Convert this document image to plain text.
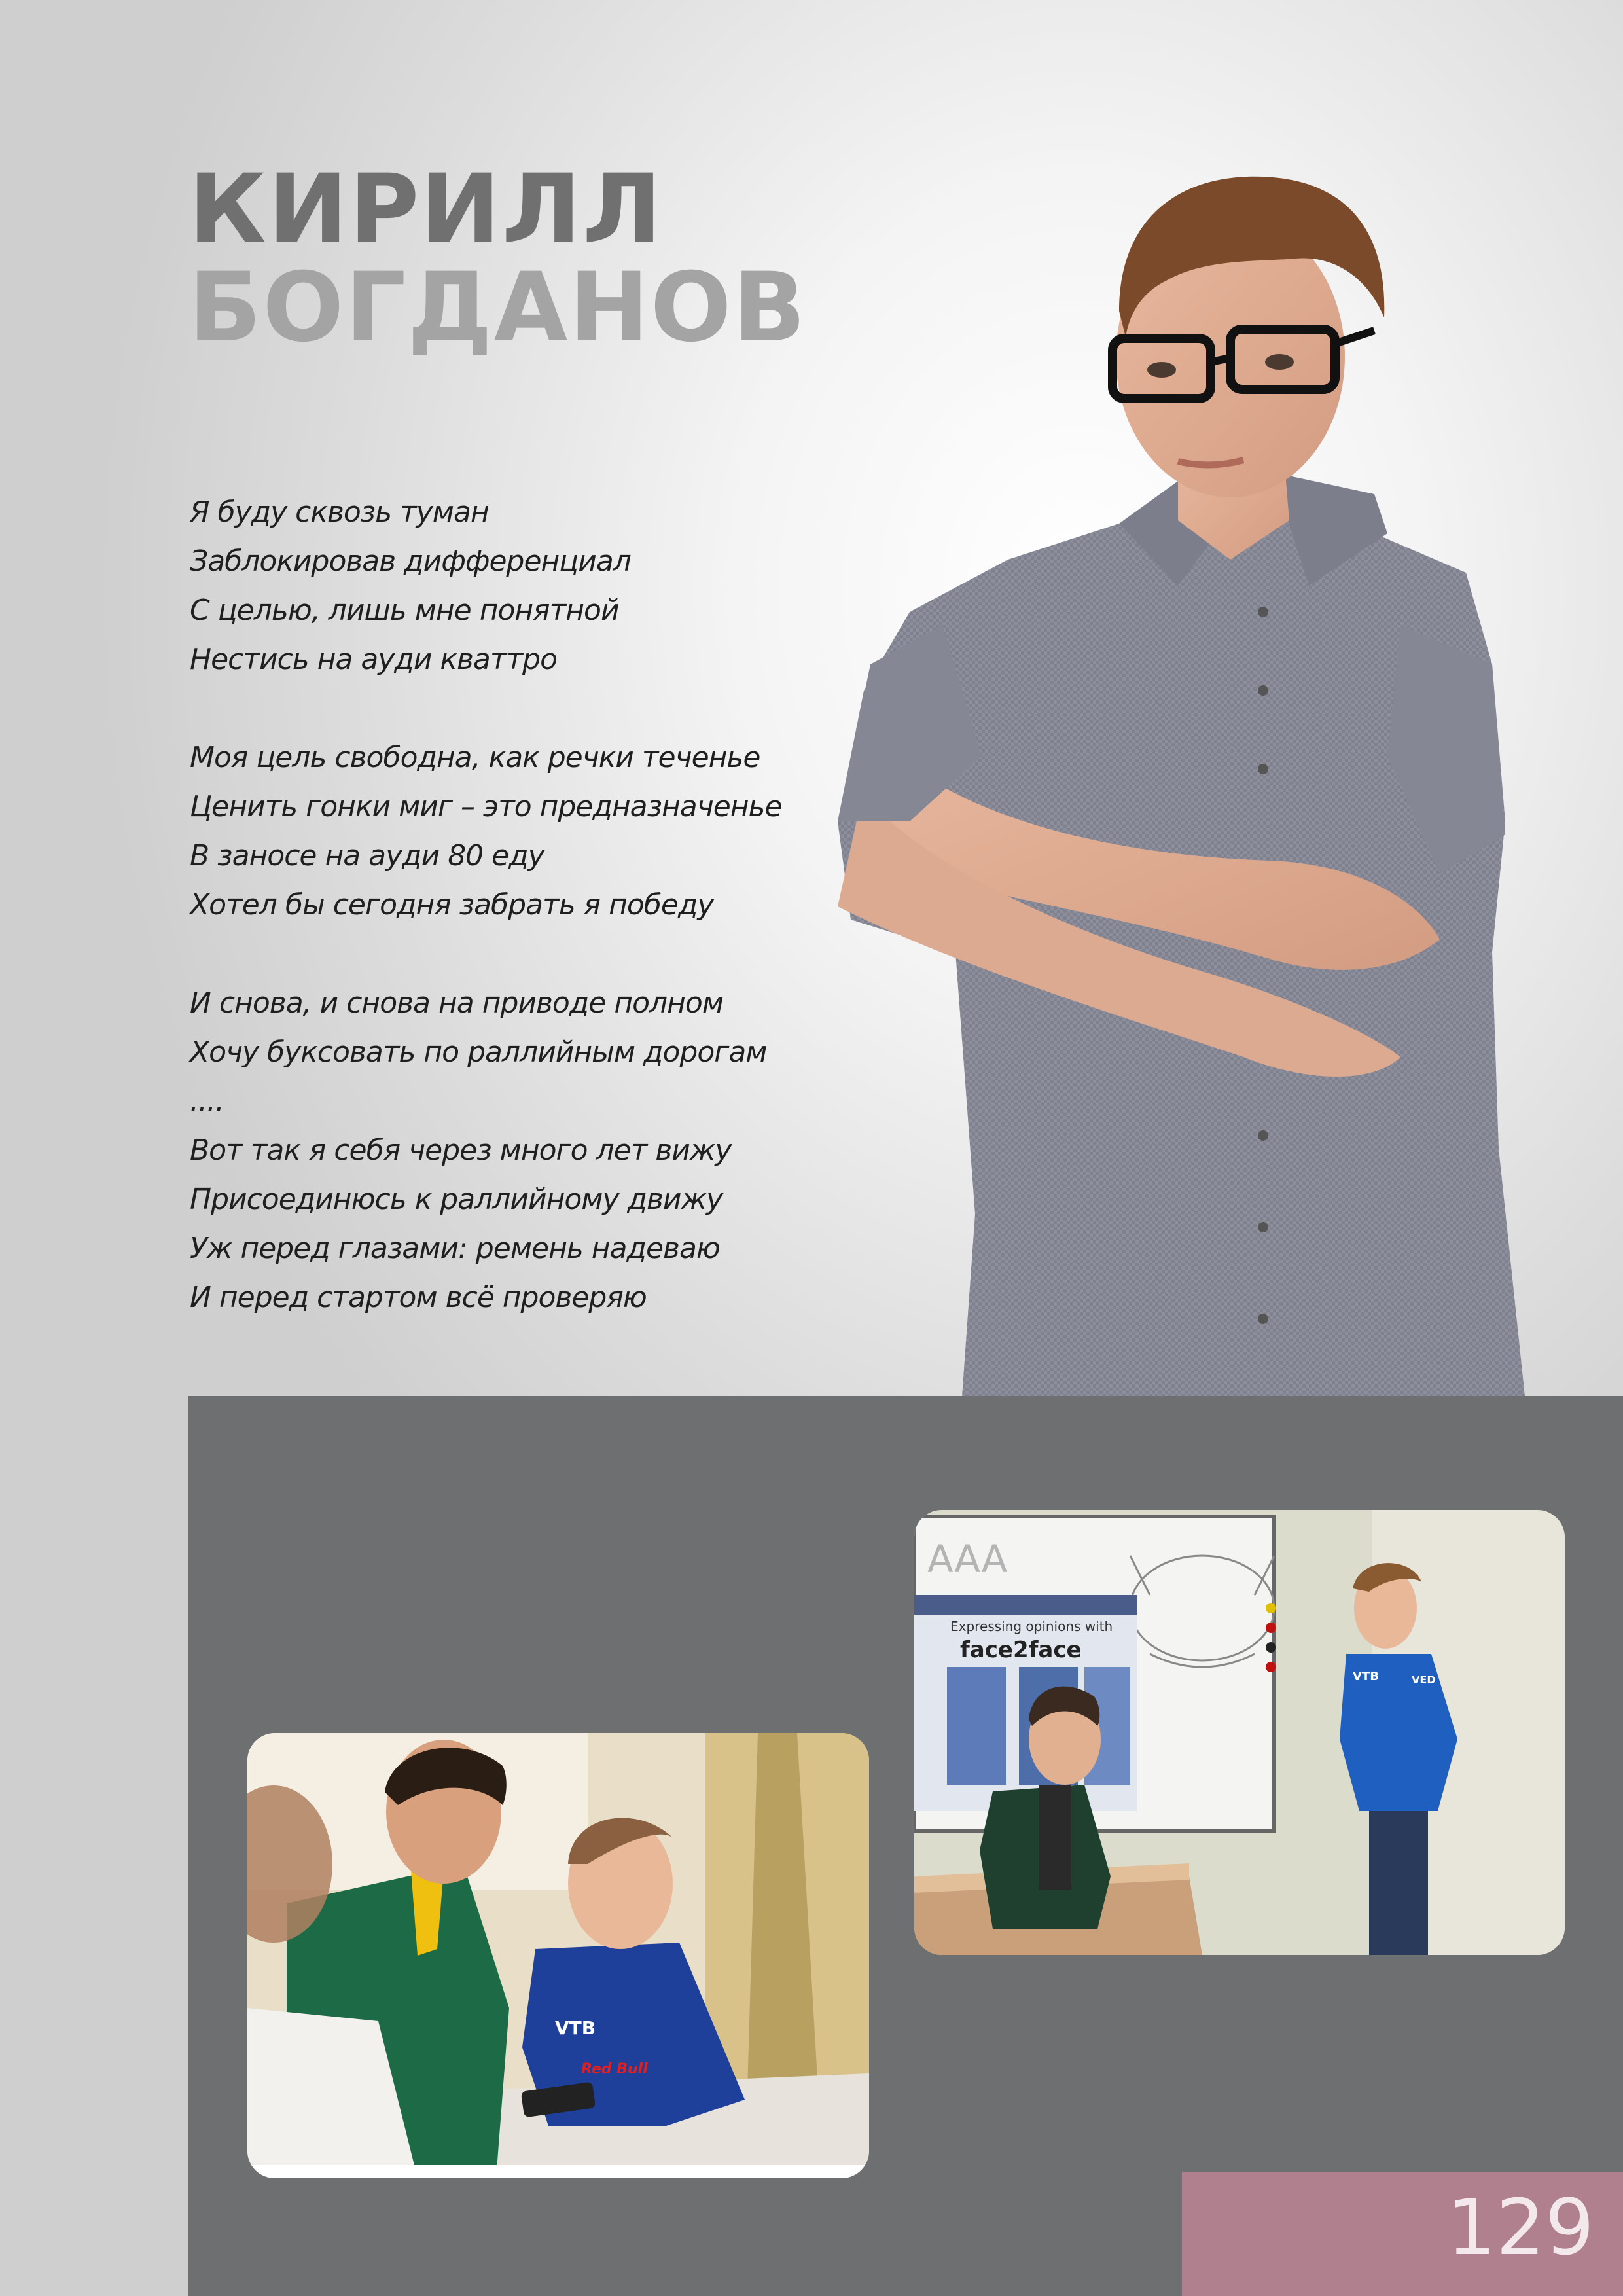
КИРИЛЛ
БОГДАНОВ
Я буду сквозь туман
Заблокировав дифференциал
С целью, лишь мне понятной
Нестись на ауди кваттро
Моя цель свободна, как речки теченье
Ценить гонки миг – это предназначенье
В заносе на ауди 80 еду
Хотел бы сегодня забрать я победу
И снова, и снова на приводе полном
Хочу буксовать по раллийным дорогам
....
Вот так я себя через много лет вижу
Присоединюсь к раллийному движу
Уж перед глазами: ремень надеваю
И перед стартом всё проверяю
AAA
Expressing opinions with
face2face
VTB	VED
VTB
Red Bull
129
